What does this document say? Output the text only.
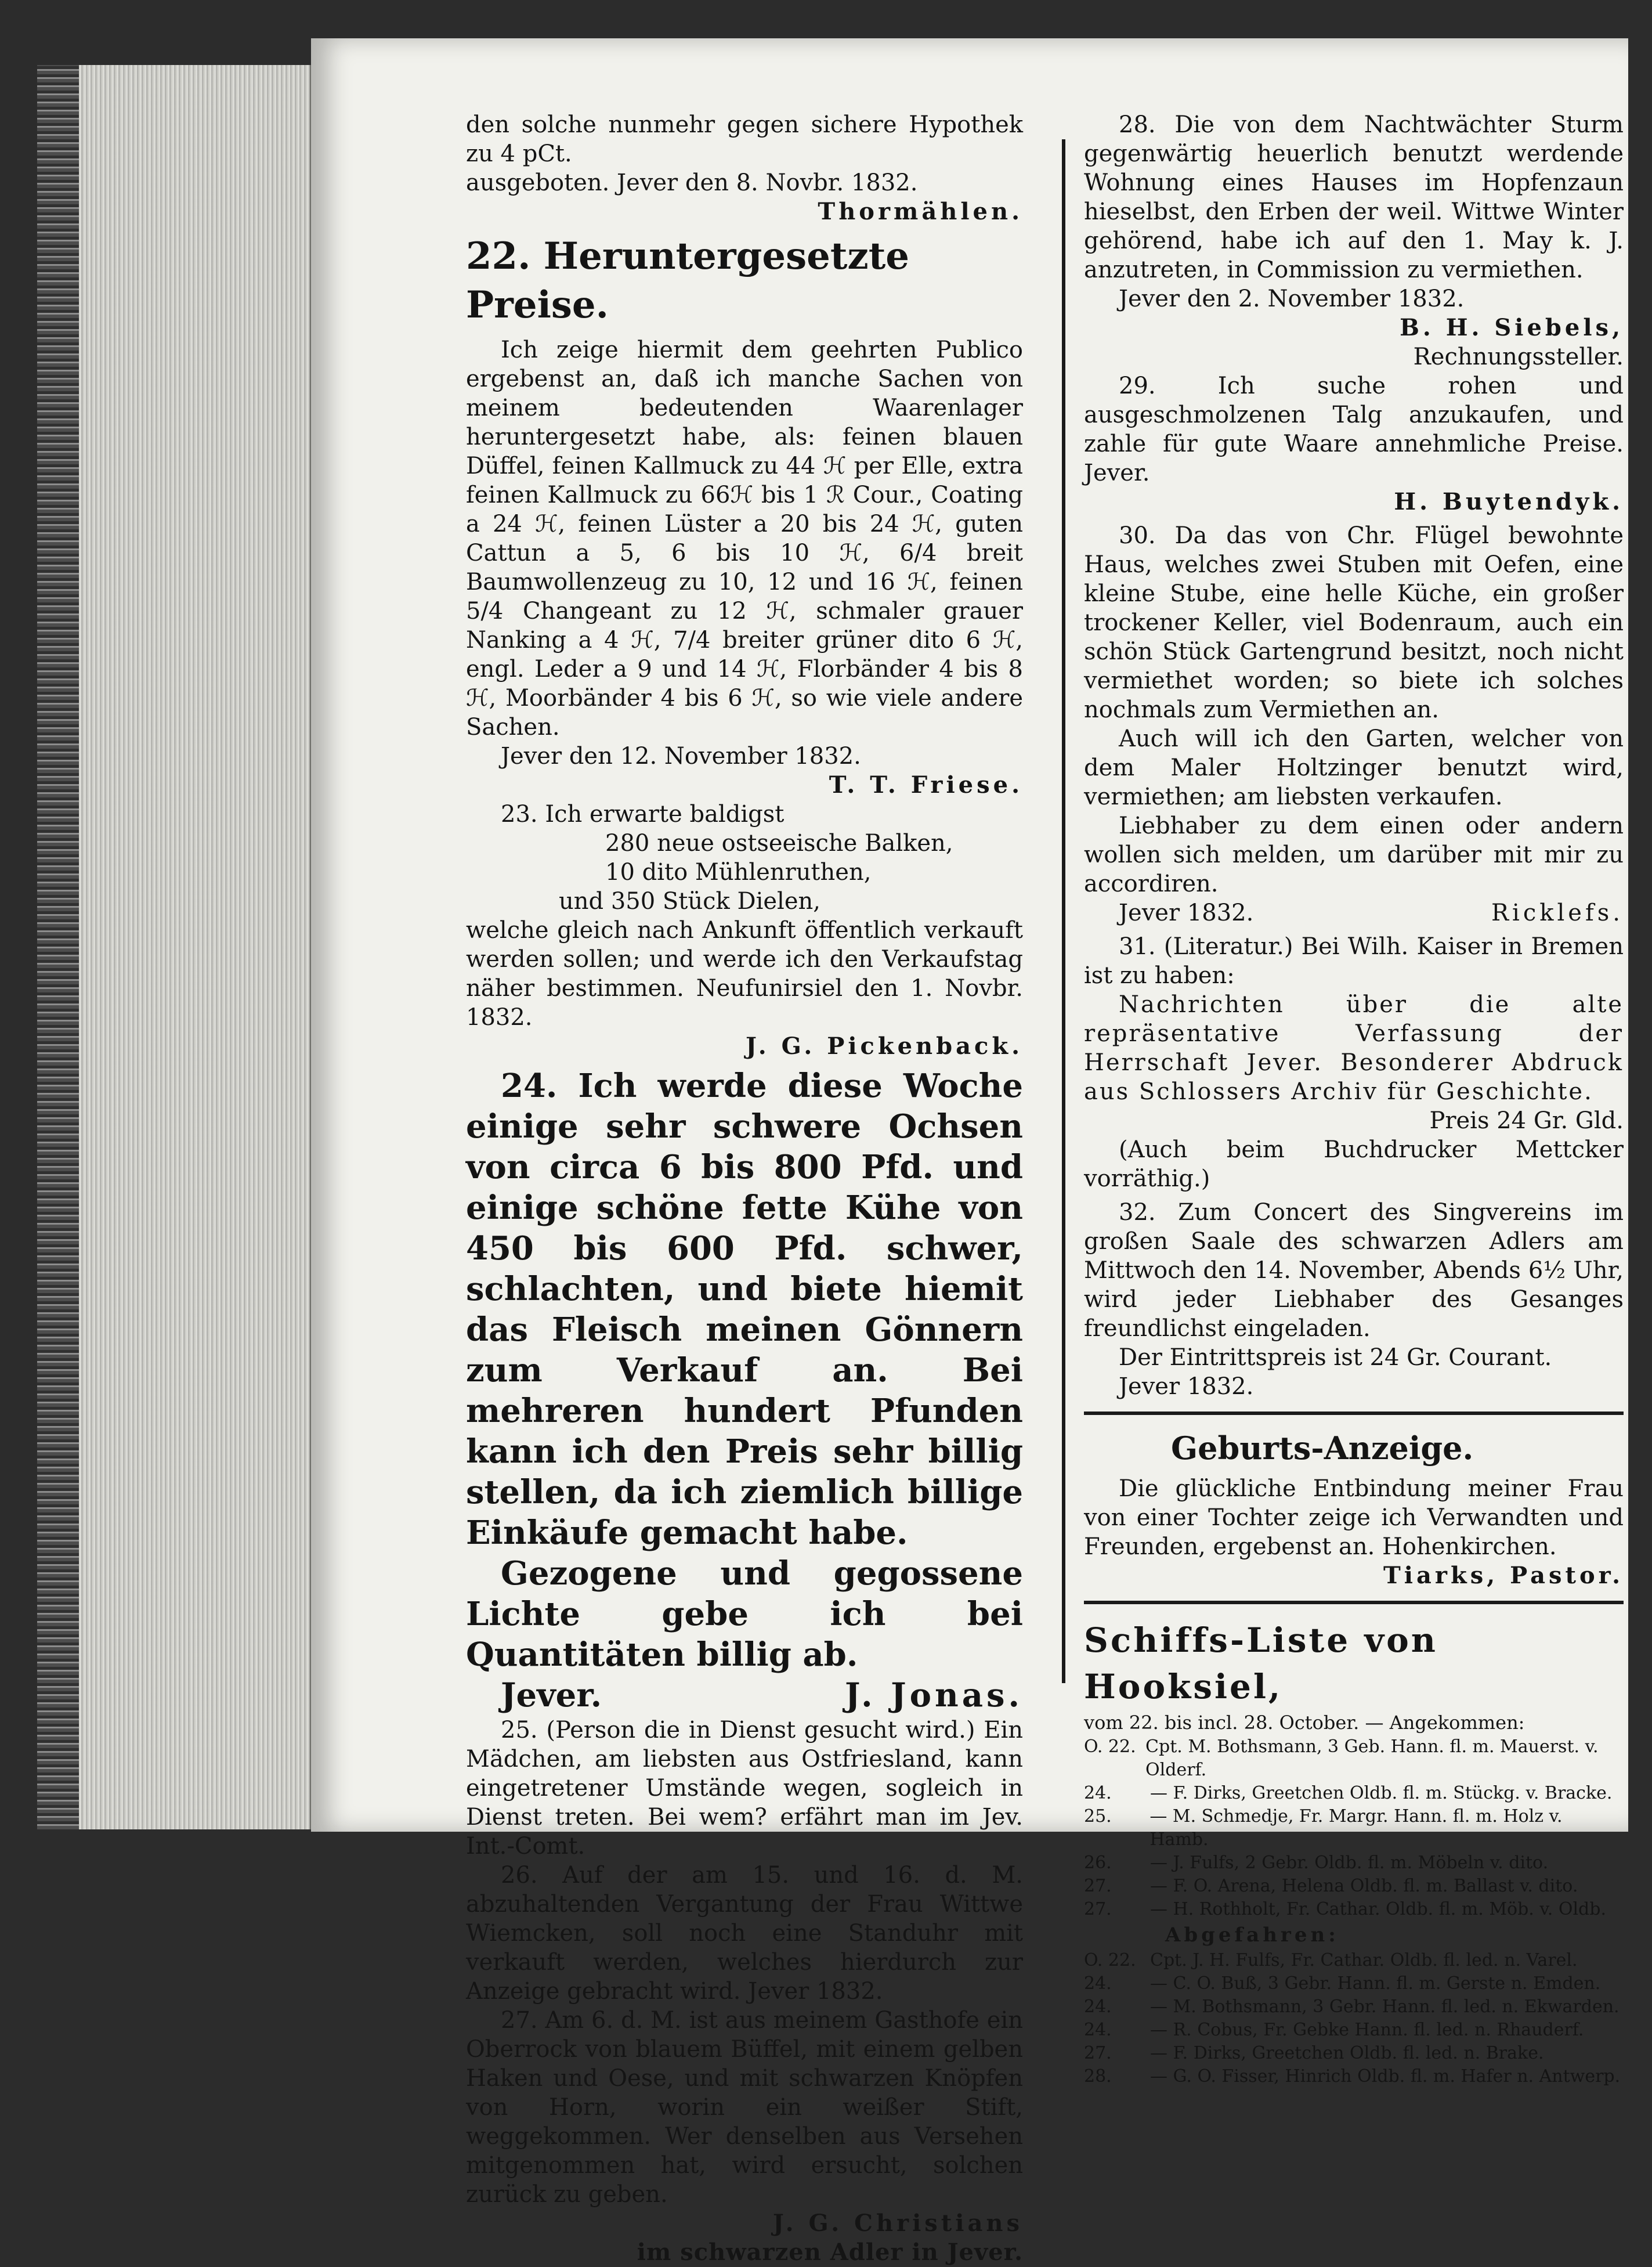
den solche nunmehr gegen sichere Hypothek zu 4 pCt.

ausgeboten. Jever den 8. Novbr. 1832.

Thormählen.

22. Heruntergesetzte Preise.

Ich zeige hiermit dem geehrten Publico ergebenst an, daß ich manche Sachen von meinem bedeutenden Waarenlager heruntergesetzt habe, als: feinen blauen Düffel, feinen Kallmuck zu 44 ℋ per Elle, extra feinen Kallmuck zu 66ℋ bis 1 ℛ Cour., Coating a 24 ℋ, feinen Lüster a 20 bis 24 ℋ, guten Cattun a 5, 6 bis 10 ℋ, 6/4 breit Baumwollenzeug zu 10, 12 und 16 ℋ, feinen 5/4 Changeant zu 12 ℋ, schmaler grauer Nanking a 4 ℋ, 7/4 breiter grüner dito 6 ℋ, engl. Leder a 9 und 14 ℋ, Florbänder 4 bis 8 ℋ, Moorbänder 4 bis 6 ℋ, so wie viele andere Sachen.

Jever den 12. November 1832.

T. T. Friese.

23. Ich erwarte baldigst

280 neue ostseeische Balken,

10 dito Mühlenruthen,

und 350 Stück Dielen,

welche gleich nach Ankunft öffentlich verkauft werden sollen; und werde ich den Verkaufstag näher bestimmen. Neufunirsiel den 1. Novbr. 1832.

J. G. Pickenback.

24. Ich werde diese Woche einige sehr schwere Ochsen von circa 6 bis 800 Pfd. und einige schöne fette Kühe von 450 bis 600 Pfd. schwer, schlachten, und biete hiemit das Fleisch meinen Gönnern zum Verkauf an. Bei mehreren hundert Pfunden kann ich den Preis sehr billig stellen, da ich ziemlich billige Einkäufe gemacht habe.

Gezogene und gegossene Lichte gebe ich bei Quantitäten billig ab.

Jever.	J. Jonas.

25. (Person die in Dienst gesucht wird.) Ein Mädchen, am liebsten aus Ostfriesland, kann eingetretener Umstände wegen, sogleich in Dienst treten. Bei wem? erfährt man im Jev. Int.-Comt.

26. Auf der am 15. und 16. d. M. abzuhaltenden Vergantung der Frau Wittwe Wiemcken, soll noch eine Standuhr mit verkauft werden, welches hierdurch zur Anzeige gebracht wird. Jever 1832.

27. Am 6. d. M. ist aus meinem Gasthofe ein Oberrock von blauem Büffel, mit einem gelben Haken und Oese, und mit schwarzen Knöpfen von Horn, worin ein weißer Stift, weggekommen. Wer denselben aus Versehen mitgenommen hat, wird ersucht, solchen zurück zu geben.

J. G. Christians

im schwarzen Adler in Jever.

28. Die von dem Nachtwächter Sturm gegenwärtig heuerlich benutzt werdende Wohnung eines Hauses im Hopfenzaun hieselbst, den Erben der weil. Wittwe Winter gehörend, habe ich auf den 1. May k. J. anzutreten, in Commission zu vermiethen.

Jever den 2. November 1832.

B. H. Siebels,

Rechnungssteller.

29. Ich suche rohen und ausgeschmolzenen Talg anzukaufen, und zahle für gute Waare annehmliche Preise. Jever.

H. Buytendyk.

30. Da das von Chr. Flügel bewohnte Haus, welches zwei Stuben mit Oefen, eine kleine Stube, eine helle Küche, ein großer trockener Keller, viel Bodenraum, auch ein schön Stück Gartengrund besitzt, noch nicht vermiethet worden; so biete ich solches nochmals zum Vermiethen an.

Auch will ich den Garten, welcher von dem Maler Holtzinger benutzt wird, vermiethen; am liebsten verkaufen.

Liebhaber zu dem einen oder andern wollen sich melden, um darüber mit mir zu accordiren.

Jever 1832.	Ricklefs.

31. (Literatur.) Bei Wilh. Kaiser in Bremen ist zu haben:

Nachrichten über die alte repräsentative Verfassung der Herrschaft Jever. Besonderer Abdruck aus Schlossers Archiv für Geschichte.

Preis 24 Gr. Gld.

(Auch beim Buchdrucker Mettcker vorräthig.)

32. Zum Concert des Singvereins im großen Saale des schwarzen Adlers am Mittwoch den 14. November, Abends 6½ Uhr, wird jeder Liebhaber des Gesanges freundlichst eingeladen.

Der Eintrittspreis ist 24 Gr. Courant.

Jever 1832.

Geburts-Anzeige.

Die glückliche Entbindung meiner Frau von einer Tochter zeige ich Verwandten und Freunden, ergebenst an. Hohenkirchen.

Tiarks, Pastor.

Schiffs-Liste von Hooksiel,

vom 22. bis incl. 28. October. — Angekommen:

O. 22. Cpt. M. Bothsmann, 3 Geb. Hann. fl. m. Mauerst. v. Olderf.
24.	— F. Dirks, Greetchen Oldb. fl. m. Stückg. v. Bracke.
25.	— M. Schmedje, Fr. Margr. Hann. fl. m. Holz v. Hamb.
26.	— J. Fulfs, 2 Gebr. Oldb. fl. m. Möbeln v. dito.
27.	— F. O. Arena, Helena Oldb. fl. m. Ballast v. dito.
27.	— H. Rothholt, Fr. Cathar. Oldb. fl. m. Möb. v. Oldb.

Abgefahren:

O. 22. Cpt. J. H. Fulfs, Fr. Cathar. Oldb. fl. led. n. Varel.
24.	— C. O. Buß, 3 Gebr. Hann. fl. m. Gerste n. Emden.
24.	— M. Bothsmann, 3 Gebr. Hann. fl. led. n. Ekwarden.
24.	— R. Cobus, Fr. Gebke Hann. fl. led. n. Rhauderf.
27.	— F. Dirks, Greetchen Oldb. fl. led. n. Brake.
28.	— G. O. Fisser, Hinrich Oldb. fl. m. Hafer n. Antwerp.
